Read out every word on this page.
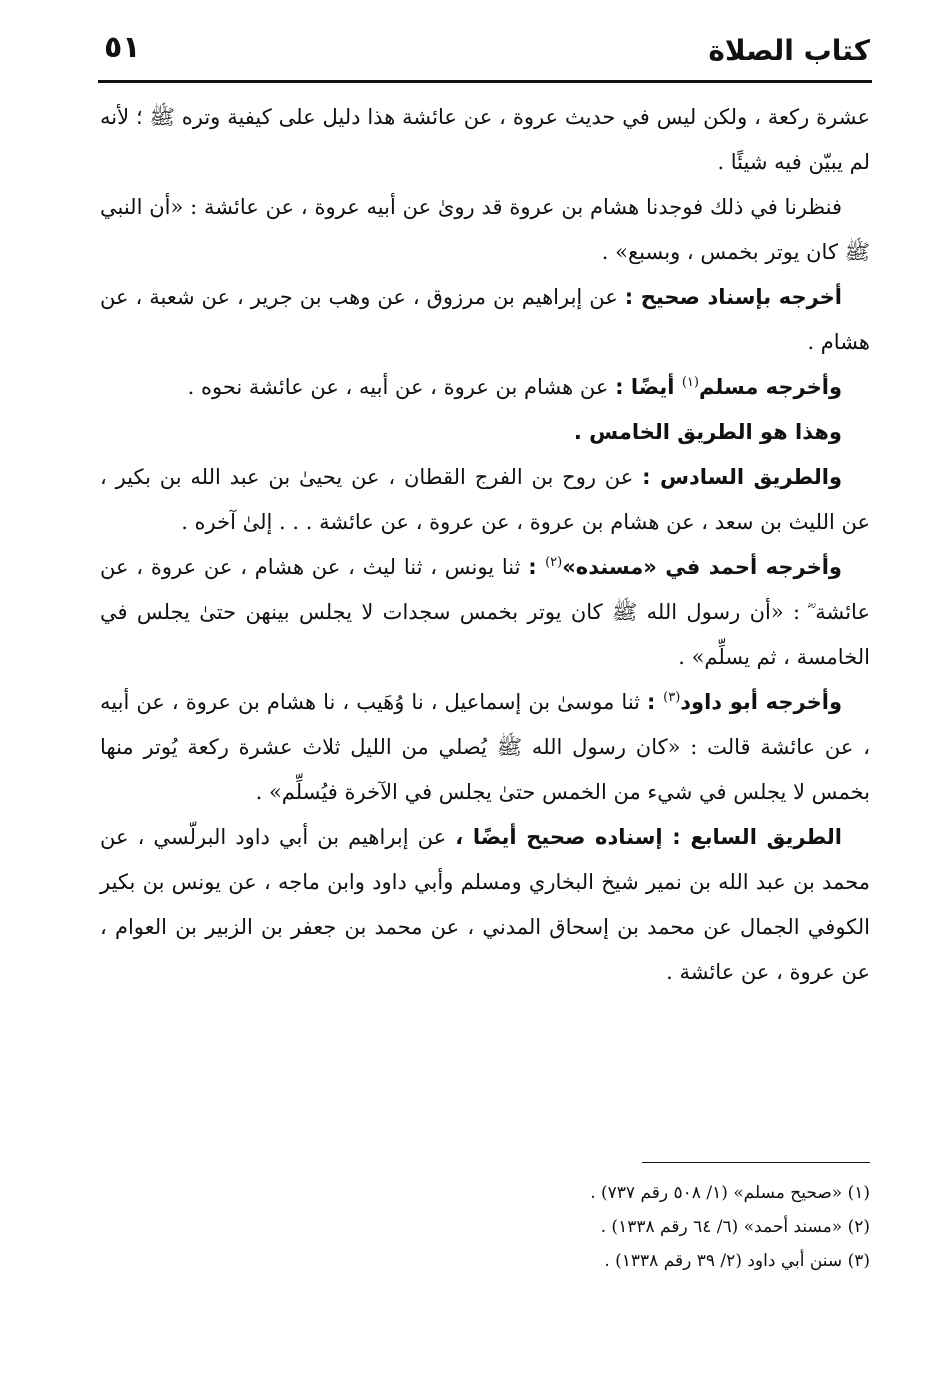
كتاب الصلاة
٥١

عشرة ركعة ، ولكن ليس في حديث عروة ، عن عائشة هذا دليل على كيفية وتره ﷺ ؛ لأنه لم يبيّن فيه شيئًا .

فنظرنا في ذلك فوجدنا هشام بن عروة قد روىٰ عن أبيه عروة ، عن عائشة : «أن النبي ﷺ كان يوتر بخمس ، وبسبع» .

أخرجه بإسناد صحيح : عن إبراهيم بن مرزوق ، عن وهب بن جرير ، عن شعبة ، عن هشام .

وأخرجه مسلم$^{(١)}$ أيضًا : عن هشام بن عروة ، عن أبيه ، عن عائشة نحوه .

وهذا هو الطريق الخامس .

والطريق السادس : عن روح بن الفرج القطان ، عن يحيىٰ بن عبد الله بن بكير ، عن الليث بن سعد ، عن هشام بن عروة ، عن عروة ، عن عائشة . . . إلىٰ آخره .

وأخرجه أحمد في «مسنده»$^{(٢)}$ : ثنا يونس ، ثنا ليث ، عن هشام ، عن عروة ، عن عائشة ؓ : «أن رسول الله ﷺ كان يوتر بخمس سجدات لا يجلس بينهن حتىٰ يجلس في الخامسة ، ثم يسلِّم» .

وأخرجه أبو داود$^{(٣)}$ : ثنا موسىٰ بن إسماعيل ، نا وُهَيب ، نا هشام بن عروة ، عن أبيه ، عن عائشة قالت : «كان رسول الله ﷺ يُصلي من الليل ثلاث عشرة ركعة يُوتر منها بخمس لا يجلس في شيء من الخمس حتىٰ يجلس في الآخرة فيُسلِّم» .

الطريق السابع : إسناده صحيح أيضًا ، عن إبراهيم بن أبي داود البرلّسي ، عن محمد بن عبد الله بن نمير شيخ البخاري ومسلم وأبي داود وابن ماجه ، عن يونس بن بكير الكوفي الجمال عن محمد بن إسحاق المدني ، عن محمد بن جعفر بن الزبير بن العوام ، عن عروة ، عن عائشة .

(١) «صحيح مسلم» (١/ ٥٠٨ رقم ٧٣٧) .

(٢) «مسند أحمد» (٦/ ٦٤ رقم ١٣٣٨) .

(٣) سنن أبي داود (٢/ ٣٩ رقم ١٣٣٨) .
